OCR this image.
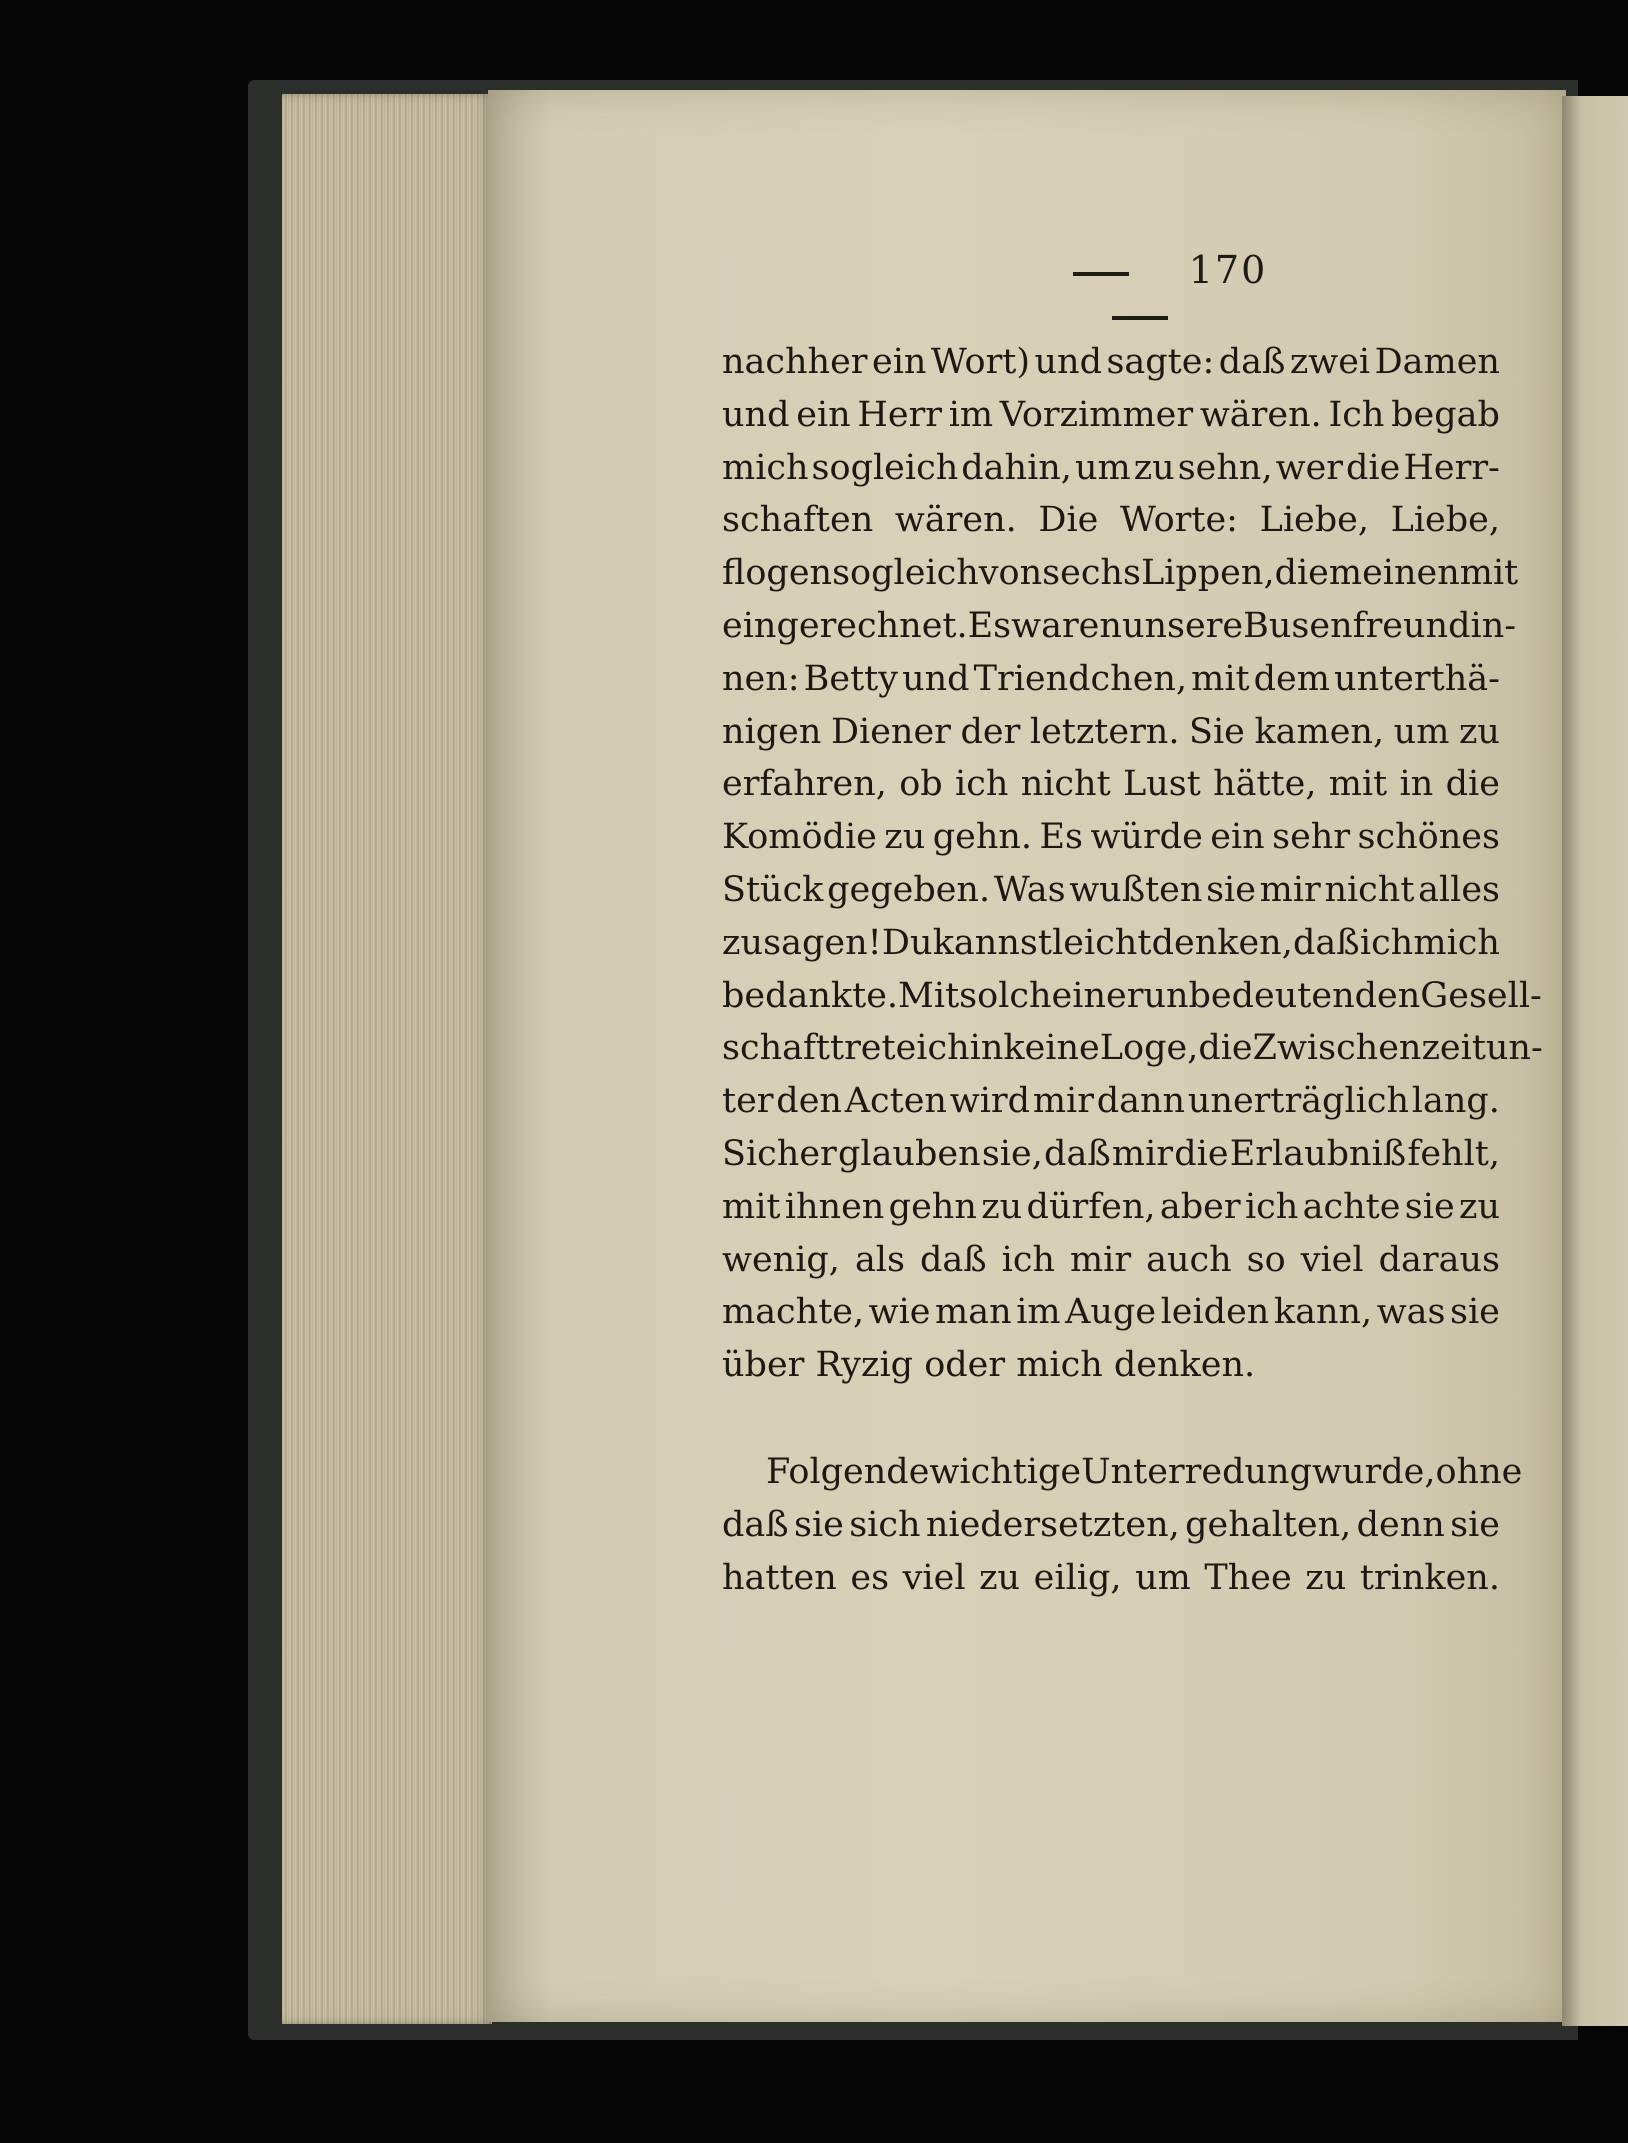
170
nachher ein Wort) und sagte: daß zwei Damen
und ein Herr im Vorzimmer wären. Ich begab
mich sogleich dahin, um zu sehn, wer die Herr-
schaften wären. Die Worte: Liebe, Liebe,
flogen sogleich von sechs Lippen, die meinen mit
eingerechnet. Es waren unsere Busenfreundin-
nen: Betty und Triendchen, mit dem unterthä-
nigen Diener der letztern. Sie kamen, um zu
erfahren, ob ich nicht Lust hätte, mit in die
Komödie zu gehn. Es würde ein sehr schönes
Stück gegeben. Was wußten sie mir nicht alles
zu sagen! Du kannst leicht denken, daß ich mich
bedankte. Mit solch einer unbedeutenden Gesell-
schaft trete ich in keine Loge, die Zwischenzeit un-
ter den Acten wird mir dann unerträglich lang.
Sicher glauben sie, daß mir die Erlaubniß fehlt,
mit ihnen gehn zu dürfen, aber ich achte sie zu
wenig, als daß ich mir auch so viel daraus
machte, wie man im Auge leiden kann, was sie
über Ryzig oder mich denken.
Folgende wichtige Unterredung wurde, ohne
daß sie sich niedersetzten, gehalten, denn sie
hatten es viel zu eilig, um Thee zu trinken.
